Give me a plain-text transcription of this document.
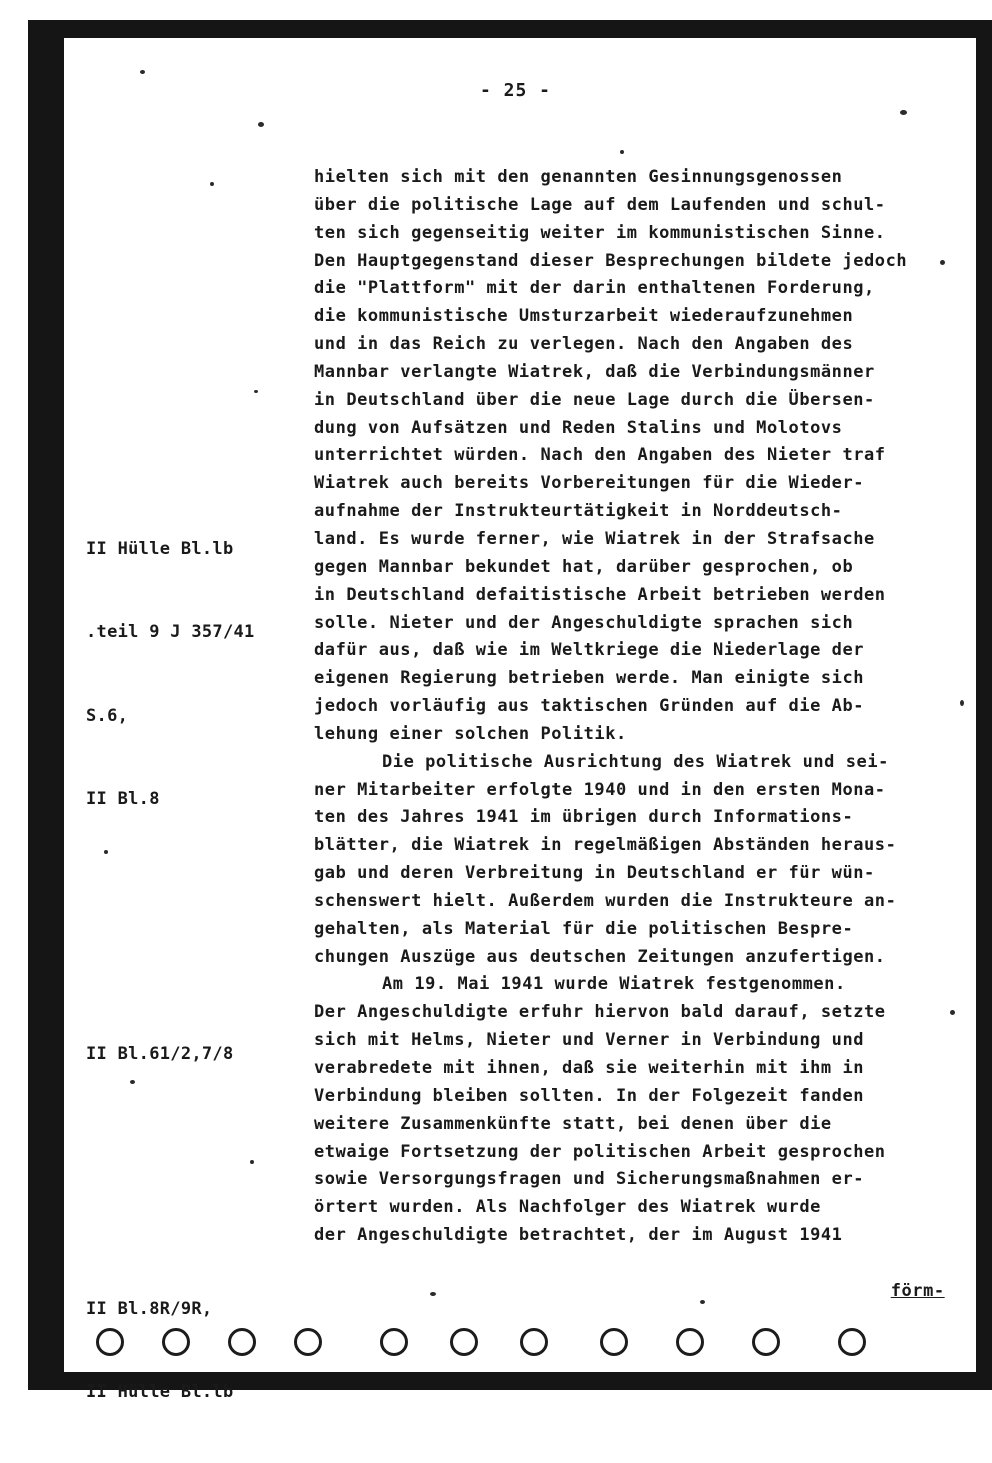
- 25 -

II Hülle Bl.lb

.teil 9 J 357/41

S.6,

II Bl.8

II Bl.61/2,7/8

II Bl.8R/9R,

II Hülle Bl.lb

hielten sich mit den genannten Gesinnungsgenossen
über die politische Lage auf dem Laufenden und schul-
ten sich gegenseitig weiter im kommunistischen Sinne.
Den Hauptgegenstand dieser Besprechungen bildete jedoch
die "Plattform" mit der darin enthaltenen Forderung,
die kommunistische Umsturzarbeit wiederaufzunehmen
und in das Reich zu verlegen. Nach den Angaben des
Mannbar verlangte Wiatrek, daß die Verbindungsmänner
in Deutschland über die neue Lage durch die Übersen-
dung von Aufsätzen und Reden Stalins und Molotovs
unterrichtet würden. Nach den Angaben des Nieter traf
Wiatrek auch bereits Vorbereitungen für die Wieder-
aufnahme der Instrukteurtätigkeit in Norddeutsch-
land. Es wurde ferner, wie Wiatrek in der Strafsache
gegen Mannbar bekundet hat, darüber gesprochen, ob
in Deutschland defaitistische Arbeit betrieben werden
solle. Nieter und der Angeschuldigte sprachen sich
dafür aus, daß wie im Weltkriege die Niederlage der
eigenen Regierung betrieben werde. Man einigte sich
jedoch vorläufig aus taktischen Gründen auf die Ab-
lehung einer solchen Politik.
Die politische Ausrichtung des Wiatrek und sei-
ner Mitarbeiter erfolgte 1940 und in den ersten Mona-
ten des Jahres 1941 im übrigen durch Informations-
blätter, die Wiatrek in regelmäßigen Abständen heraus-
gab und deren Verbreitung in Deutschland er für wün-
schenswert hielt. Außerdem wurden die Instrukteure an-
gehalten, als Material für die politischen Bespre-
chungen Auszüge aus deutschen Zeitungen anzufertigen.
Am 19. Mai 1941 wurde Wiatrek festgenommen.
Der Angeschuldigte erfuhr hiervon bald darauf, setzte
sich mit Helms, Nieter und Verner in Verbindung und
verabredete mit ihnen, daß sie weiterhin mit ihm in
Verbindung bleiben sollten. In der Folgezeit fanden
weitere Zusammenkünfte statt, bei denen über die
etwaige Fortsetzung der politischen Arbeit gesprochen
sowie Versorgungsfragen und Sicherungsmaßnahmen er-
örtert wurden. Als Nachfolger des Wiatrek wurde
der Angeschuldigte betrachtet, der im August 1941

förm-
